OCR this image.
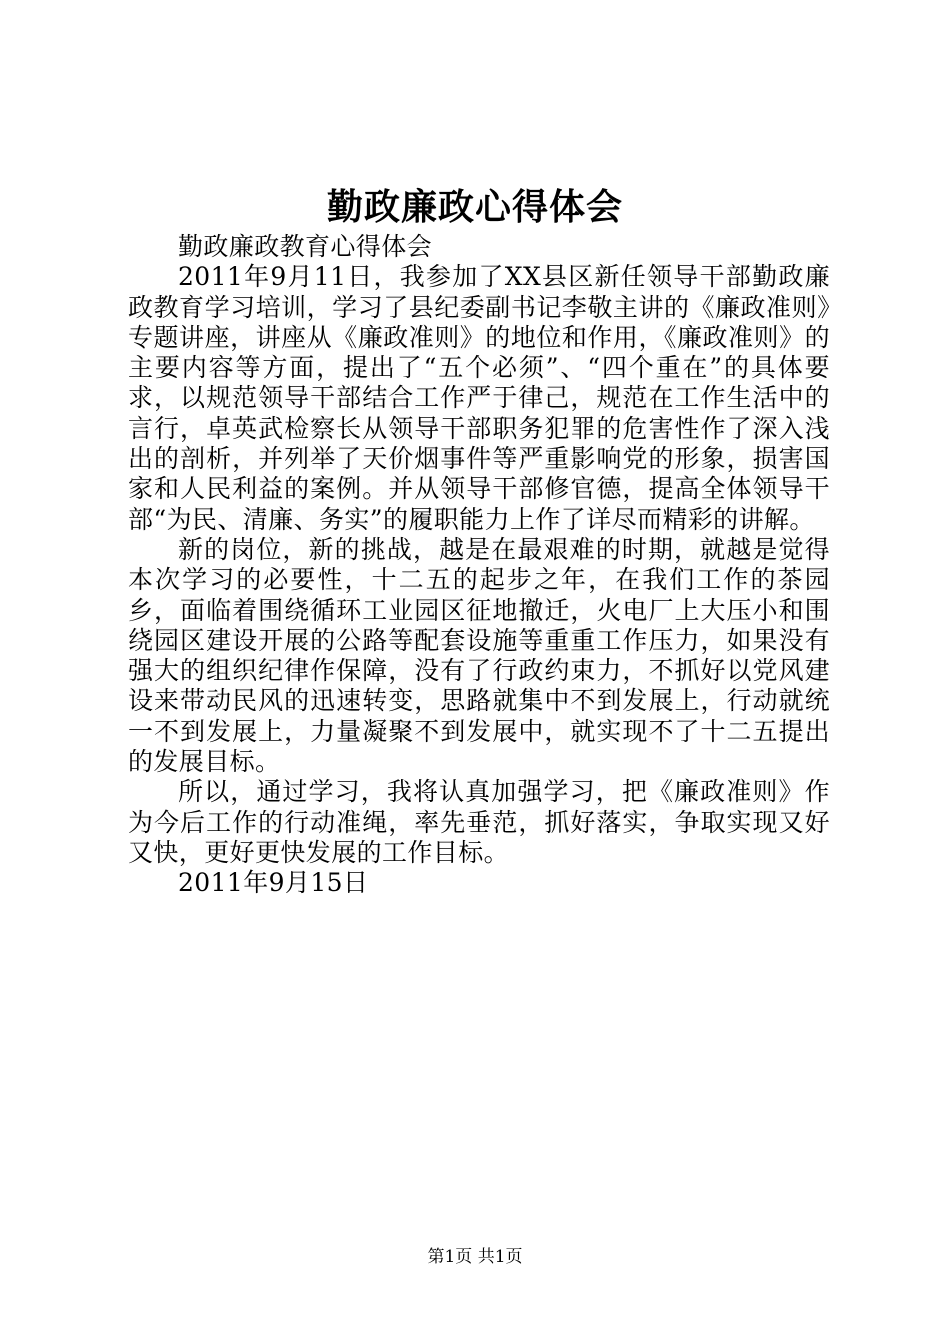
勤政廉政心得体会

勤政廉政教育心得体会

2011年9月11日，我参加了XX县区新任领导干部勤政廉政教育学习培训，学习了县纪委副书记李敬主讲的《廉政准则》专题讲座，讲座从《廉政准则》的地位和作用，《廉政准则》的主要内容等方面，提出了“五个必须”、“四个重在”的具体要求，以规范领导干部结合工作严于律己，规范在工作生活中的言行，卓英武检察长从领导干部职务犯罪的危害性作了深入浅出的剖析，并列举了天价烟事件等严重影响党的形象，损害国家和人民利益的案例。并从领导干部修官德，提高全体领导干部“为民、清廉、务实”的履职能力上作了详尽而精彩的讲解。

新的岗位，新的挑战，越是在最艰难的时期，就越是觉得本次学习的必要性，十二五的起步之年，在我们工作的茶园乡，面临着围绕循环工业园区征地撤迁，火电厂上大压小和围绕园区建设开展的公路等配套设施等重重工作压力，如果没有强大的组织纪律作保障，没有了行政约束力，不抓好以党风建设来带动民风的迅速转变，思路就集中不到发展上，行动就统一不到发展上，力量凝聚不到发展中，就实现不了十二五提出的发展目标。

所以，通过学习，我将认真加强学习，把《廉政准则》作为今后工作的行动准绳，率先垂范，抓好落实，争取实现又好又快，更好更快发展的工作目标。

2011年9月15日

第1页 共1页
